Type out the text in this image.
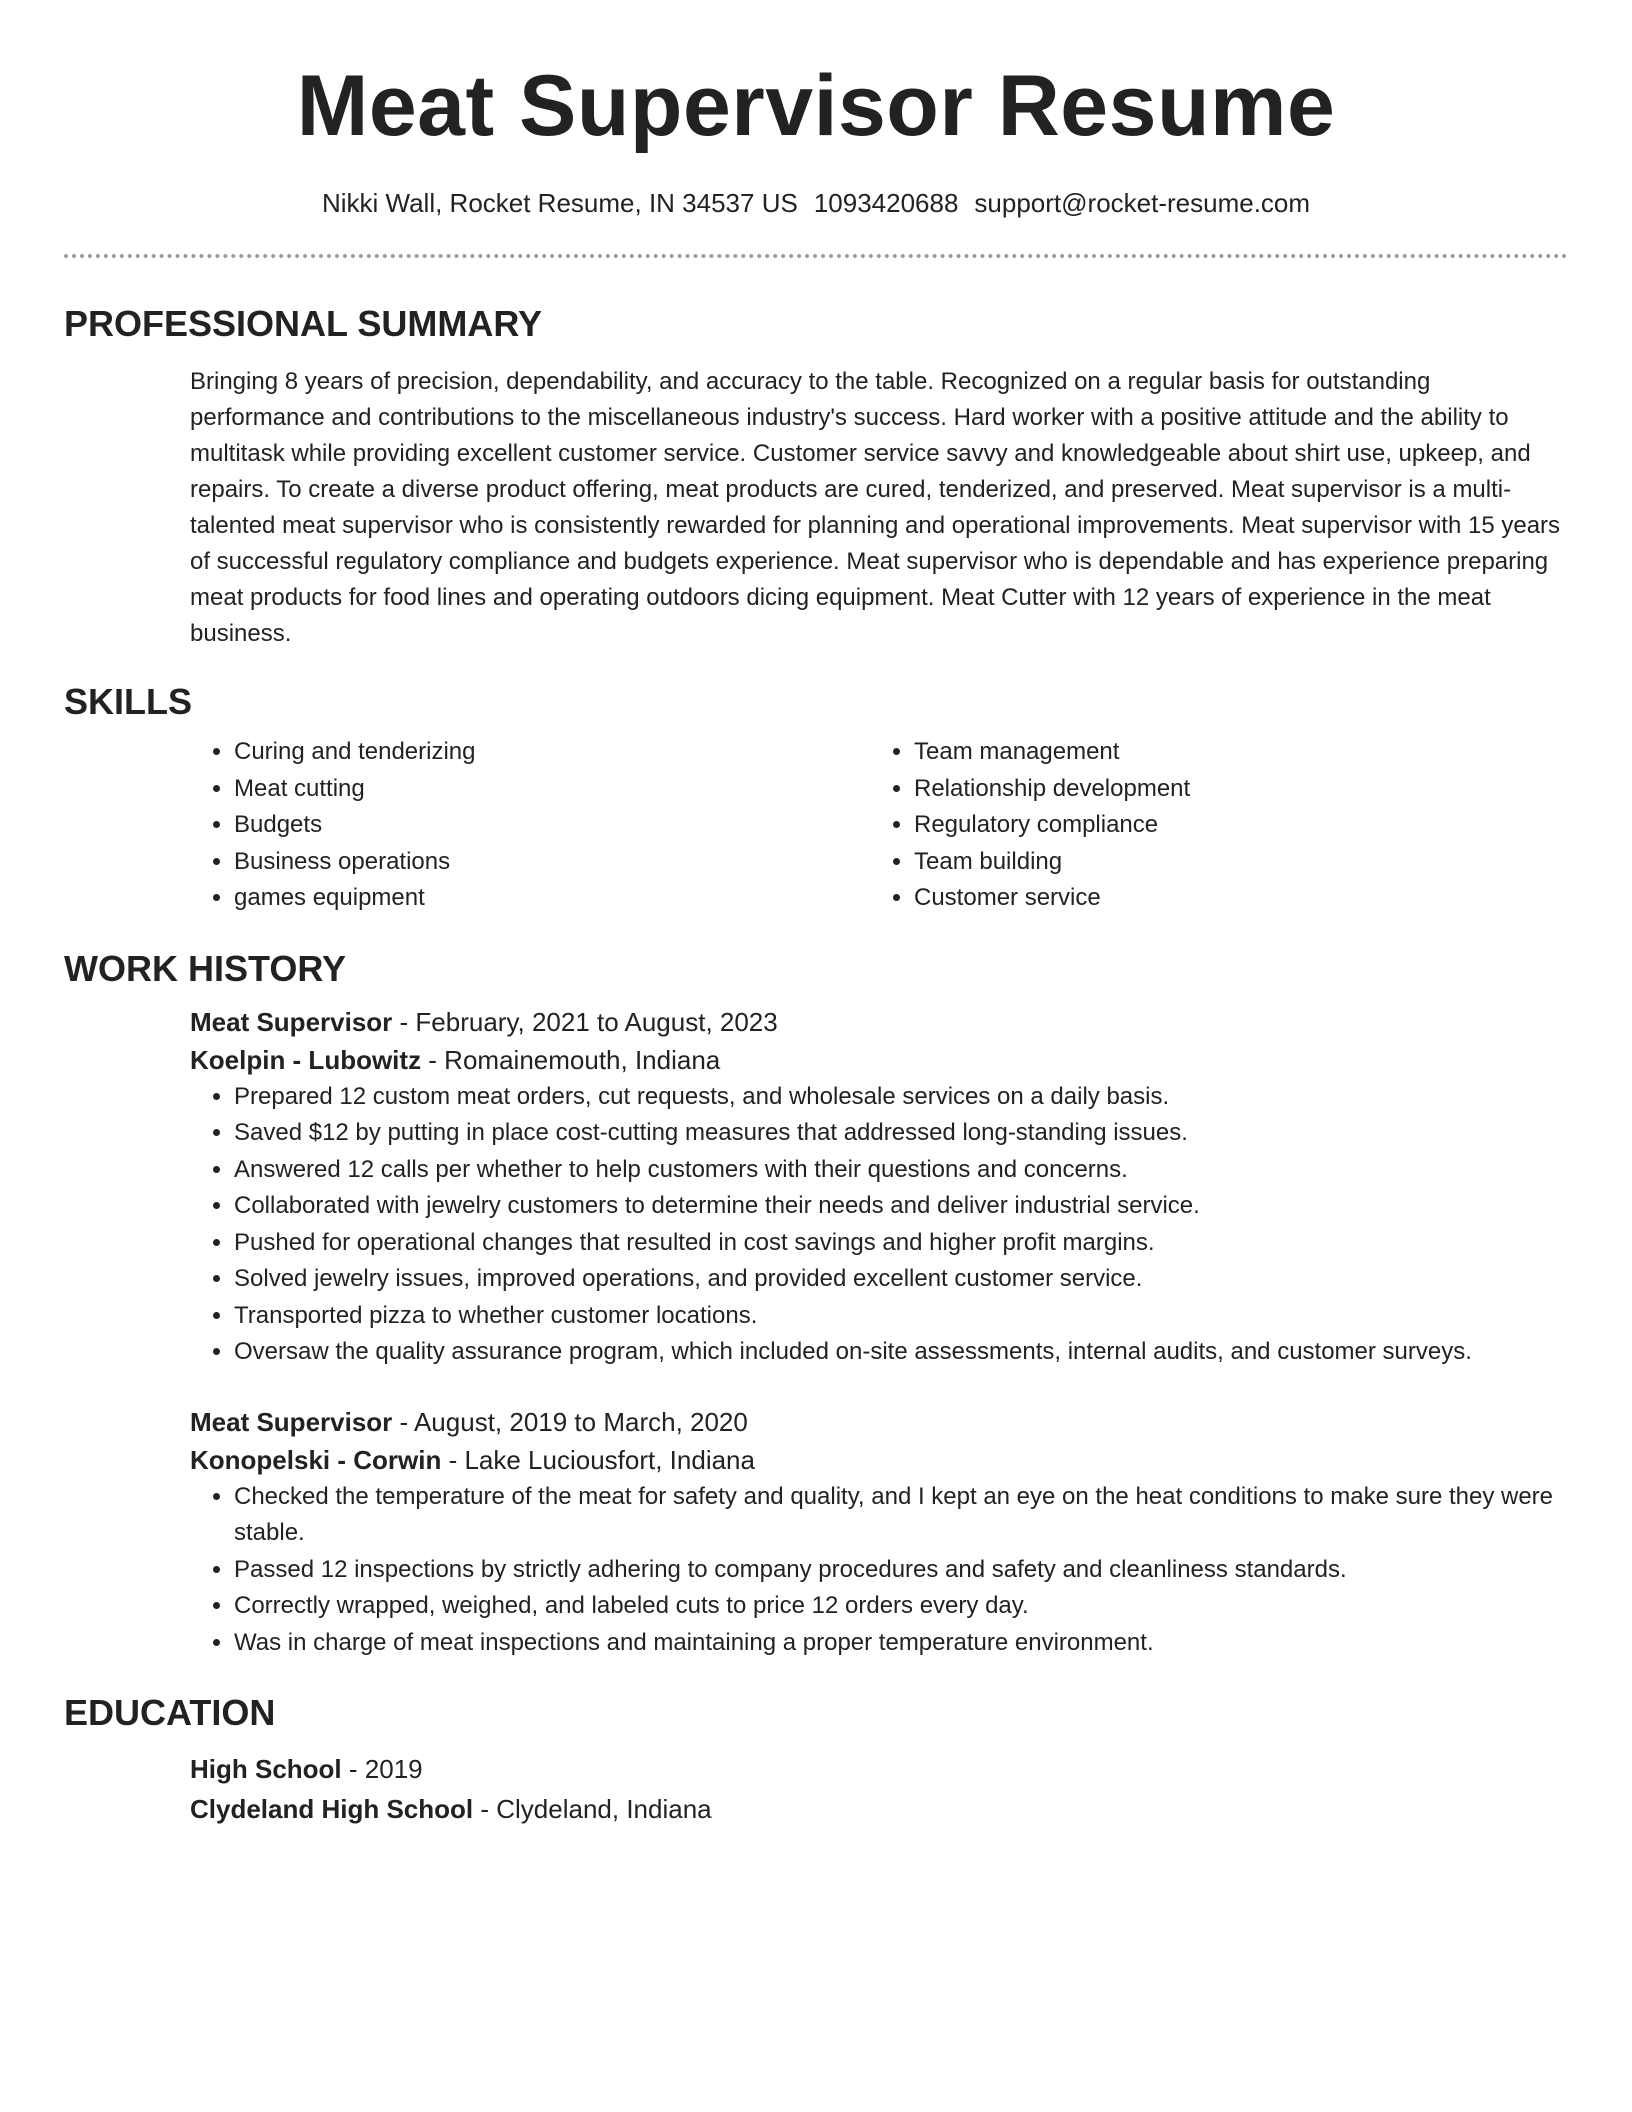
Meat Supervisor Resume
Nikki Wall, Rocket Resume, IN 34537 US 1093420688 support@rocket-resume.com
PROFESSIONAL SUMMARY

Bringing 8 years of precision, dependability, and accuracy to the table. Recognized on a regular basis for outstanding performance and contributions to the miscellaneous industry's success. Hard worker with a positive attitude and the ability to multitask while providing excellent customer service. Customer service savvy and knowledgeable about shirt use, upkeep, and repairs. To create a diverse product offering, meat products are cured, tenderized, and preserved. Meat supervisor is a multi-talented meat supervisor who is consistently rewarded for planning and operational improvements. Meat supervisor with 15 years of successful regulatory compliance and budgets experience. Meat supervisor who is dependable and has experience preparing meat products for food lines and operating outdoors dicing equipment. Meat Cutter with 12 years of experience in the meat business.

SKILLS
• Curing and tenderizing
• Meat cutting
• Budgets
• Business operations
• games equipment
• Team management
• Relationship development
• Regulatory compliance
• Team building
• Customer service
WORK HISTORY
Meat Supervisor - February, 2021 to August, 2023
Koelpin - Lubowitz - Romainemouth, Indiana
• Prepared 12 custom meat orders, cut requests, and wholesale services on a daily basis.
• Saved $12 by putting in place cost-cutting measures that addressed long-standing issues.
• Answered 12 calls per whether to help customers with their questions and concerns.
• Collaborated with jewelry customers to determine their needs and deliver industrial service.
• Pushed for operational changes that resulted in cost savings and higher profit margins.
• Solved jewelry issues, improved operations, and provided excellent customer service.
• Transported pizza to whether customer locations.
• Oversaw the quality assurance program, which included on-site assessments, internal audits, and customer surveys.
Meat Supervisor - August, 2019 to March, 2020
Konopelski - Corwin - Lake Luciousfort, Indiana
• Checked the temperature of the meat for safety and quality, and I kept an eye on the heat conditions to make sure they were stable.
• Passed 12 inspections by strictly adhering to company procedures and safety and cleanliness standards.
• Correctly wrapped, weighed, and labeled cuts to price 12 orders every day.
• Was in charge of meat inspections and maintaining a proper temperature environment.
EDUCATION
High School - 2019
Clydeland High School - Clydeland, Indiana
